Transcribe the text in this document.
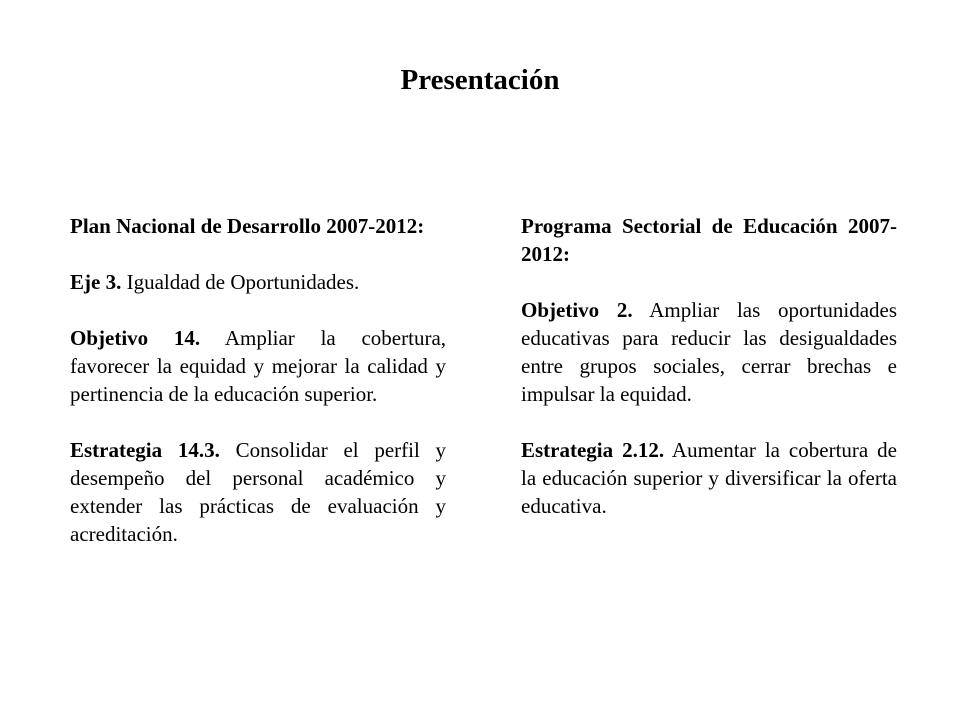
Presentación

Plan Nacional de Desarrollo 2007-2012:

Eje 3. Igualdad de Oportunidades.

Objetivo 14. Ampliar la cobertura, favorecer la equidad y mejorar la calidad y pertinencia de la educación superior.

Estrategia 14.3. Consolidar el perfil y desempeño del personal académico y extender las prácticas de evaluación y acreditación.

Programa Sectorial de Educación 2007-2012:

Objetivo 2. Ampliar las oportunidades educativas para reducir las desigualdades entre grupos sociales, cerrar brechas e impulsar la equidad.

Estrategia 2.12. Aumentar la cobertura de la educación superior y diversificar la oferta educativa.
